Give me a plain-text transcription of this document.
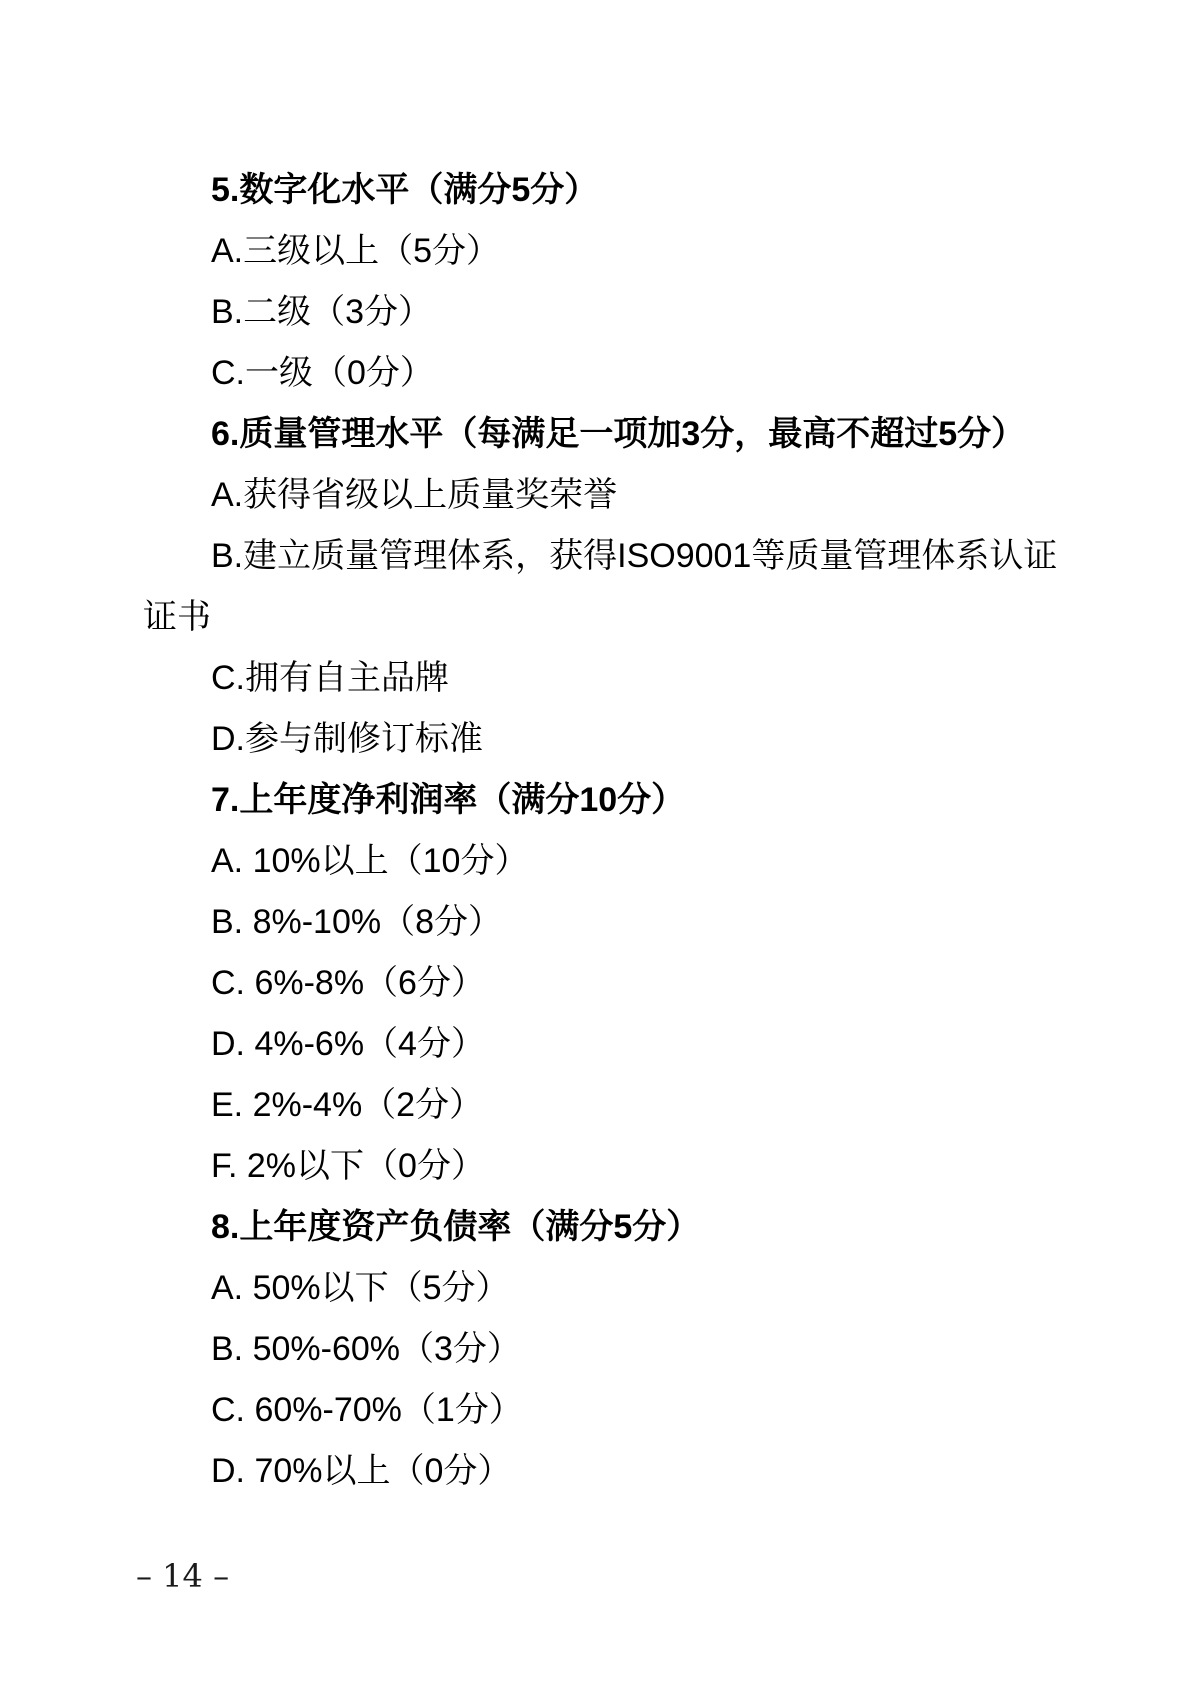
5.数字化水平（满分5分）

A.三级以上（5分）

B.二级（3分）

C.一级（0分）

6.质量管理水平（每满足一项加3分，最高不超过5分）

A.获得省级以上质量奖荣誉

B.建立质量管理体系，获得ISO9001等质量管理体系认证证书

C.拥有自主品牌

D.参与制修订标准

7.上年度净利润率（满分10分）

A. 10%以上（10分）

B. 8%-10%（8分）

C. 6%-8%（6分）

D. 4%-6%（4分）

E. 2%-4%（2分）

F. 2%以下（0分）

8.上年度资产负债率（满分5分）

A. 50%以下（5分）

B. 50%-60%（3分）

C. 60%-70%（1分）

D. 70%以上（0分）

– 14 –
